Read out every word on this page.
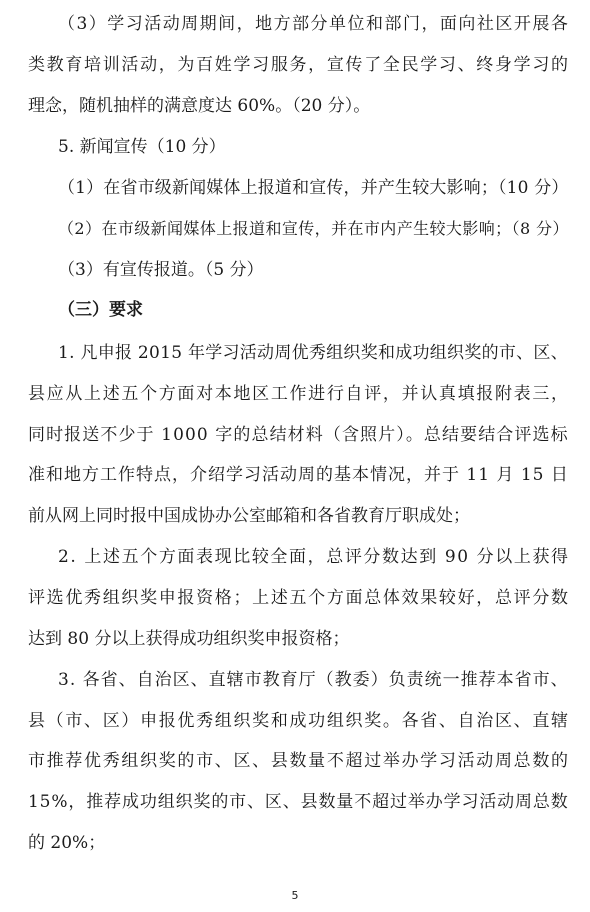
（3）学习活动周期间，地方部分单位和部门，面向社区开展各
类教育培训活动，为百姓学习服务，宣传了全民学习、终身学习的
理念，随机抽样的满意度达 60%。（20 分）。
5. 新闻宣传（10 分）
（1）在省市级新闻媒体上报道和宣传，并产生较大影响；（10 分）
（2）在市级新闻媒体上报道和宣传，并在市内产生较大影响；（8 分）
（3）有宣传报道。（5 分）
（三）要求
1. 凡申报 2015 年学习活动周优秀组织奖和成功组织奖的市、区、
县应从上述五个方面对本地区工作进行自评，并认真填报附表三，
同时报送不少于 1000 字的总结材料（含照片）。总结要结合评选标
准和地方工作特点，介绍学习活动周的基本情况，并于 11 月 15 日
前从网上同时报中国成协办公室邮箱和各省教育厅职成处；
2. 上述五个方面表现比较全面，总评分数达到 90 分以上获得
评选优秀组织奖申报资格；上述五个方面总体效果较好，总评分数
达到 80 分以上获得成功组织奖申报资格；
3. 各省、自治区、直辖市教育厅（教委）负责统一推荐本省市、
县（市、区）申报优秀组织奖和成功组织奖。各省、自治区、直辖
市推荐优秀组织奖的市、区、县数量不超过举办学习活动周总数的
15%，推荐成功组织奖的市、区、县数量不超过举办学习活动周总数
的 20%；
5
